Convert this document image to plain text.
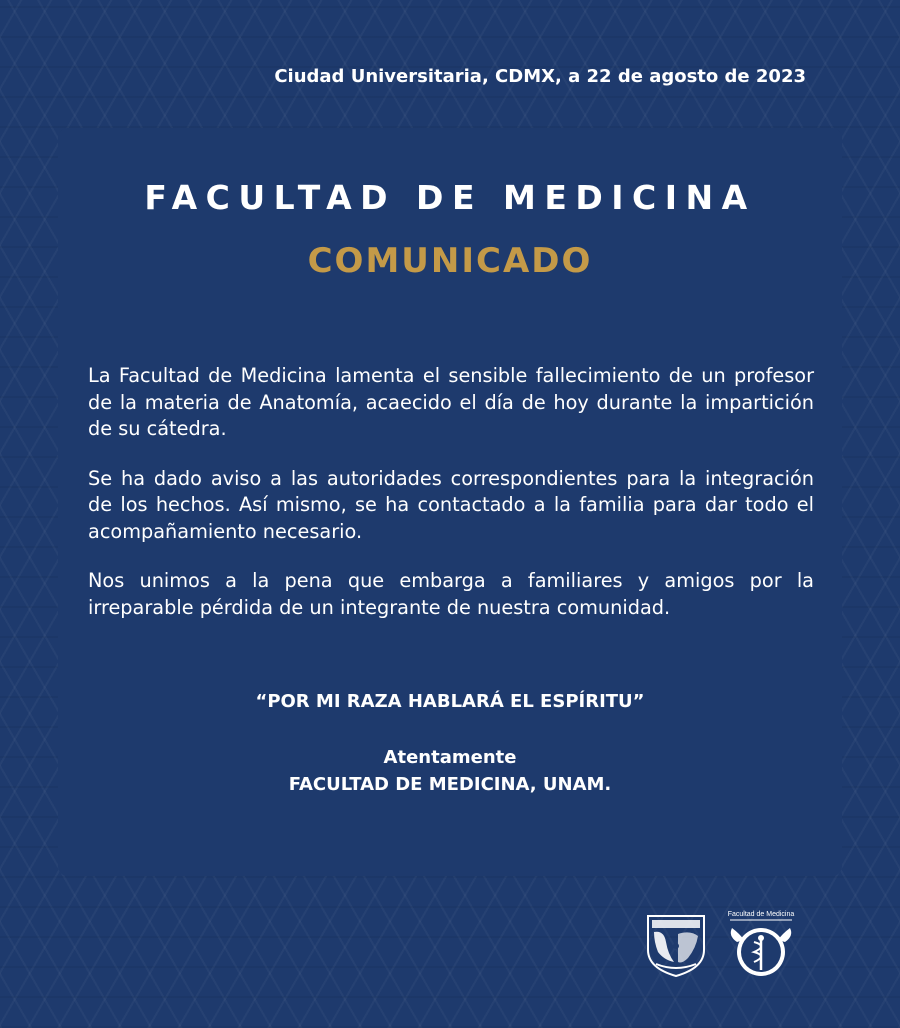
Ciudad Universitaria, CDMX, a 22 de agosto de 2023

FACULTAD DE MEDICINA
COMUNICADO

La Facultad de Medicina lamenta el sensible fallecimiento de un profesor de la materia de Anatomía, acaecido el día de hoy durante la impartición de su cátedra.

Se ha dado aviso a las autoridades correspondientes para la integración de los hechos. Así mismo, se ha contactado a la familia para dar todo el acompañamiento necesario.

Nos unimos a la pena que embarga a familiares y amigos por la irreparable pérdida de un integrante de nuestra comunidad.

“POR MI RAZA HABLARÁ EL ESPÍRITU”

Atentamente
FACULTAD DE MEDICINA, UNAM.
Facultad de Medicina
